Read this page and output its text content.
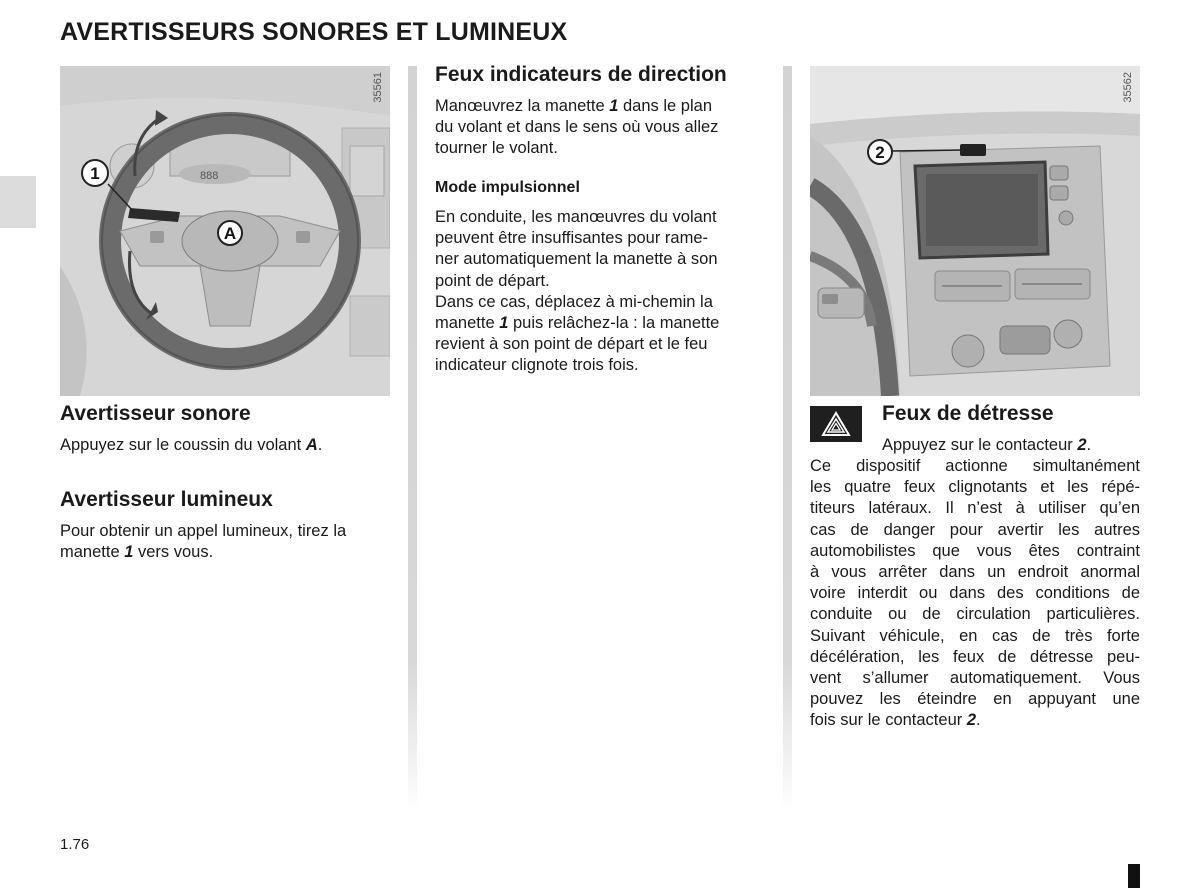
AVERTISSEURS SONORES ET LUMINEUX
888
1
A
35561
Avertisseur sonore

Appuyez sur le coussin du volant A.

Avertisseur lumineux

Pour obtenir un appel lumineux, tirez la
manette 1 vers vous.

Feux indicateurs de direction

Manœuvrez la manette 1 dans le plan
du volant et dans le sens où vous allez
tourner le volant.

Mode impulsionnel

En conduite, les manœuvres du volant
peuvent être insuffisantes pour rame-
ner automatiquement la manette à son
point de départ.
Dans ce cas, déplacez à mi-chemin la
manette 1 puis relâchez-la : la manette
revient à son point de départ et le feu
indicateur clignote trois fois.

2
35562
Feux de détresse

Appuyez sur le contacteur 2.

Ce dispositif actionne simultanément
les quatre feux clignotants et les répé-
titeurs latéraux. Il n’est à utiliser qu’en
cas de danger pour avertir les autres
automobilistes que vous êtes contraint
à vous arrêter dans un endroit anormal
voire interdit ou dans des conditions de
conduite ou de circulation particulières.
Suivant véhicule, en cas de très forte
décélération, les feux de détresse peu-
vent s’allumer automatiquement. Vous
pouvez les éteindre en appuyant une
fois sur le contacteur 2.
1.76
